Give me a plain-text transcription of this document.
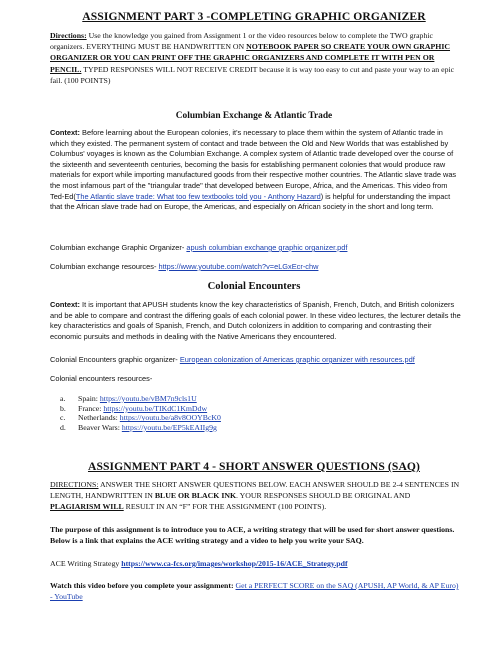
ASSIGNMENT PART 3 -COMPLETING GRAPHIC ORGANIZER

Directions: Use the knowledge you gained from Assignment 1 or the video resources below to complete the TWO graphic organizers. EVERYTHING MUST BE HANDWRITTEN ON NOTEBOOK PAPER SO CREATE YOUR OWN GRAPHIC ORGANIZER OR YOU CAN PRINT OFF THE GRAPHIC ORGANIZERS AND COMPLETE IT WITH PEN OR PENCIL. TYPED RESPONSES WILL NOT RECEIVE CREDIT because it is way too easy to cut and paste your way to an epic fail. (100 POINTS)

Columbian Exchange & Atlantic Trade

Context: Before learning about the European colonies, it's necessary to place them within the system of Atlantic trade in which they existed. The permanent system of contact and trade between the Old and New Worlds that was established by Columbus' voyages is known as the Columbian Exchange. A complex system of Atlantic trade developed over the course of the sixteenth and seventeenth centuries, becoming the basis for establishing permanent colonies that would produce raw materials for export while importing manufactured goods from their respective mother countries. The Atlantic slave trade was the most infamous part of the "triangular trade" that developed between Europe, Africa, and the Americas. This video from Ted-Ed(The Atlantic slave trade: What too few textbooks told you - Anthony Hazard) is helpful for understanding the impact that the African slave trade had on Europe, the Americas, and especially on African society in the short and long term.

Columbian exchange Graphic Organizer- apush columbian exchange graphic organizer.pdf

Columbian exchange resources- https://www.youtube.com/watch?v=eLGxEcr-chw

Colonial Encounters

Context: It is important that APUSH students know the key characteristics of Spanish, French, Dutch, and British colonizers and be able to compare and contrast the differing goals of each colonial power. In these video lectures, the lecturer details the key characteristics and goals of Spanish, French, and Dutch colonizers in addition to comparing and contrasting their economic pursuits and methods in dealing with the Native Americans they encountered.

Colonial Encounters graphic organizer- European colonization of Americas graphic organizer with resources.pdf

Colonial encounters resources-

a. Spain: https://youtu.be/vBM7n9cls1U
b. France: https://youtu.be/TIKdC1KmDdw
c. Netherlands: https://youtu.be/a8v8OOYBcK0
d. Beaver Wars: https://youtu.be/EP5kEAIIg9g
ASSIGNMENT PART 4 - SHORT ANSWER QUESTIONS (SAQ)

DIRECTIONS: ANSWER THE SHORT ANSWER QUESTIONS BELOW. EACH ANSWER SHOULD BE 2-4 SENTENCES IN LENGTH, HANDWRITTEN IN BLUE OR BLACK INK. YOUR RESPONSES SHOULD BE ORIGINAL AND PLAGIARISM WILL RESULT IN AN “F” FOR THE ASSIGNMENT (100 POINTS).

The purpose of this assignment is to introduce you to ACE, a writing strategy that will be used for short answer questions. Below is a link that explains the ACE writing strategy and a video to help you write your SAQ.

ACE Writing Strategy https://www.ca-fcs.org/images/workshop/2015-16/ACE_Strategy.pdf

Watch this video before you complete your assignment: Get a PERFECT SCORE on the SAQ (APUSH, AP World, & AP Euro) - YouTube
